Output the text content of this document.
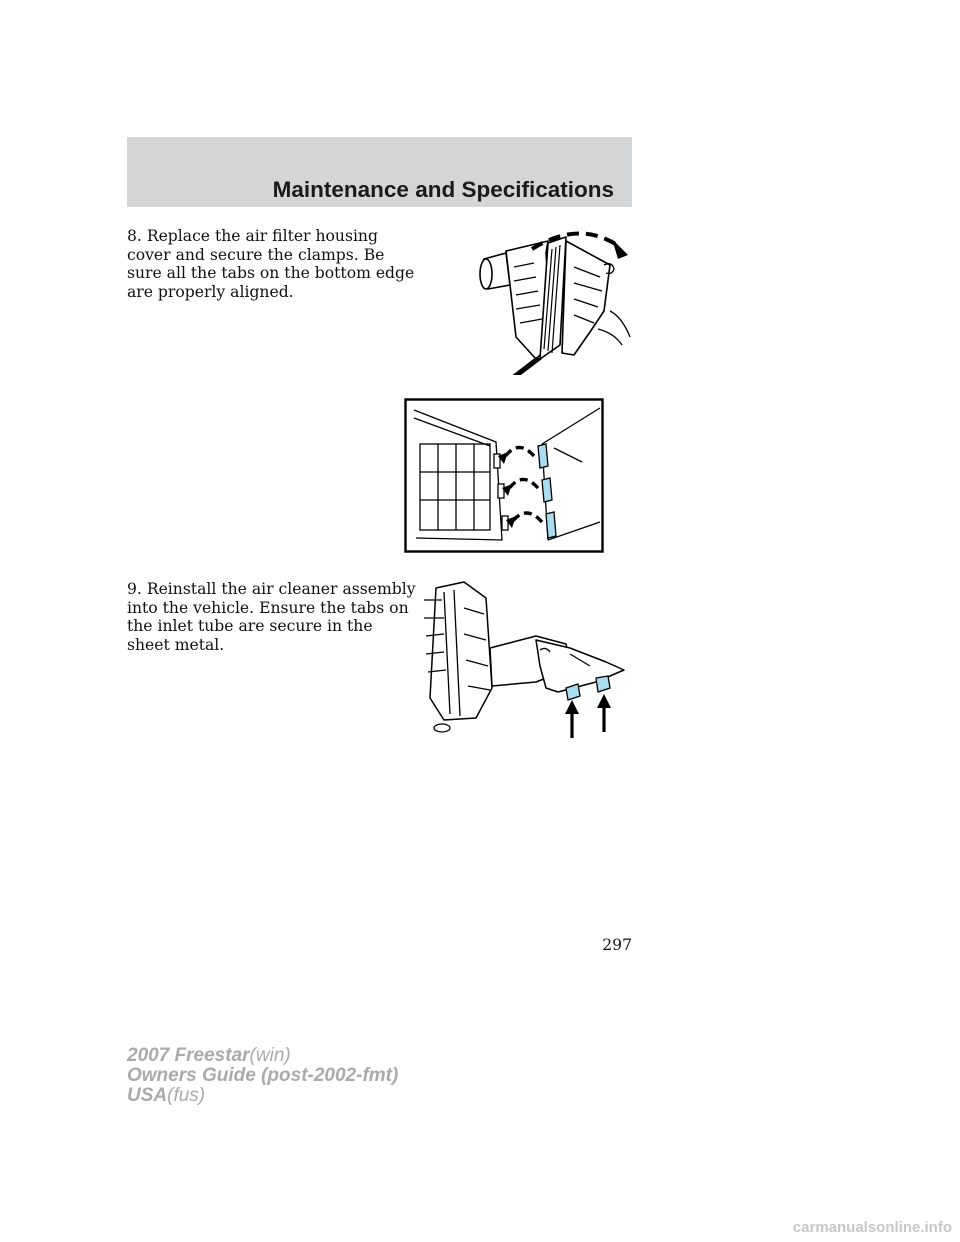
Maintenance and Specifications
8. Replace the air filter housing
cover and secure the clamps. Be
sure all the tabs on the bottom edge
are properly aligned.
9. Reinstall the air cleaner assembly
into the vehicle. Ensure the tabs on
the inlet tube are secure in the
sheet metal.
297
2007 Freestar(win)
Owners Guide (post-2002-fmt)
USA(fus)
carmanualsonline.info
